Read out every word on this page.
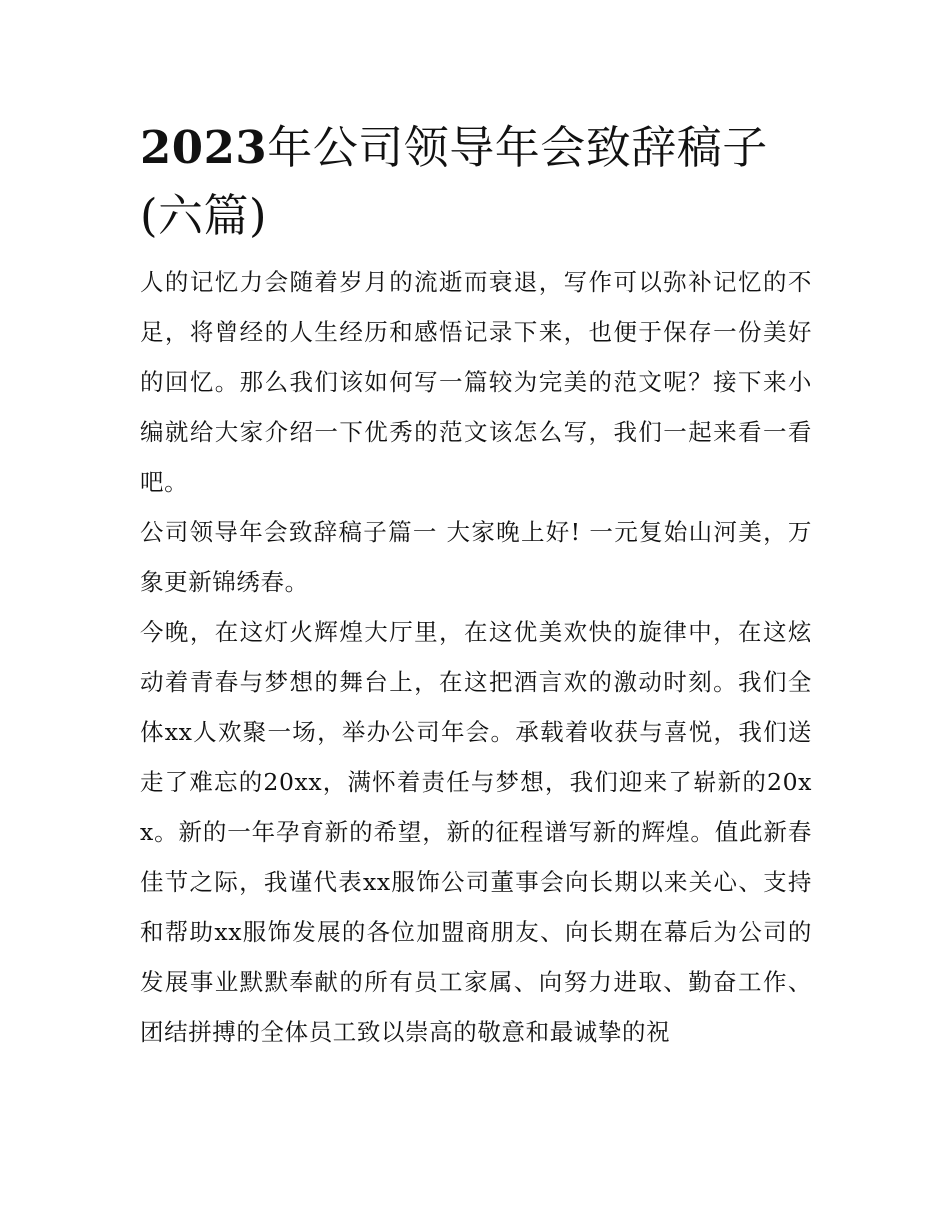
2023年公司领导年会致辞稿子(六篇)

人的记忆力会随着岁月的流逝而衰退，写作可以弥补记忆的不足，将曾经的人生经历和感悟记录下来，也便于保存一份美好的回忆。那么我们该如何写一篇较为完美的范文呢？接下来小编就给大家介绍一下优秀的范文该怎么写，我们一起来看一看吧。

公司领导年会致辞稿子篇一 大家晚上好! 一元复始山河美，万象更新锦绣春。

今晚，在这灯火辉煌大厅里，在这优美欢快的旋律中，在这炫动着青春与梦想的舞台上，在这把酒言欢的激动时刻。我们全体xx人欢聚一场，举办公司年会。承载着收获与喜悦，我们送走了难忘的20xx，满怀着责任与梦想，我们迎来了崭新的20xx。新的一年孕育新的希望，新的征程谱写新的辉煌。值此新春佳节之际，我谨代表xx服饰公司董事会向长期以来关心、支持和帮助xx服饰发展的各位加盟商朋友、向长期在幕后为公司的发展事业默默奉献的所有员工家属、向努力进取、勤奋工作、团结拼搏的全体员工致以崇高的敬意和最诚挚的祝
